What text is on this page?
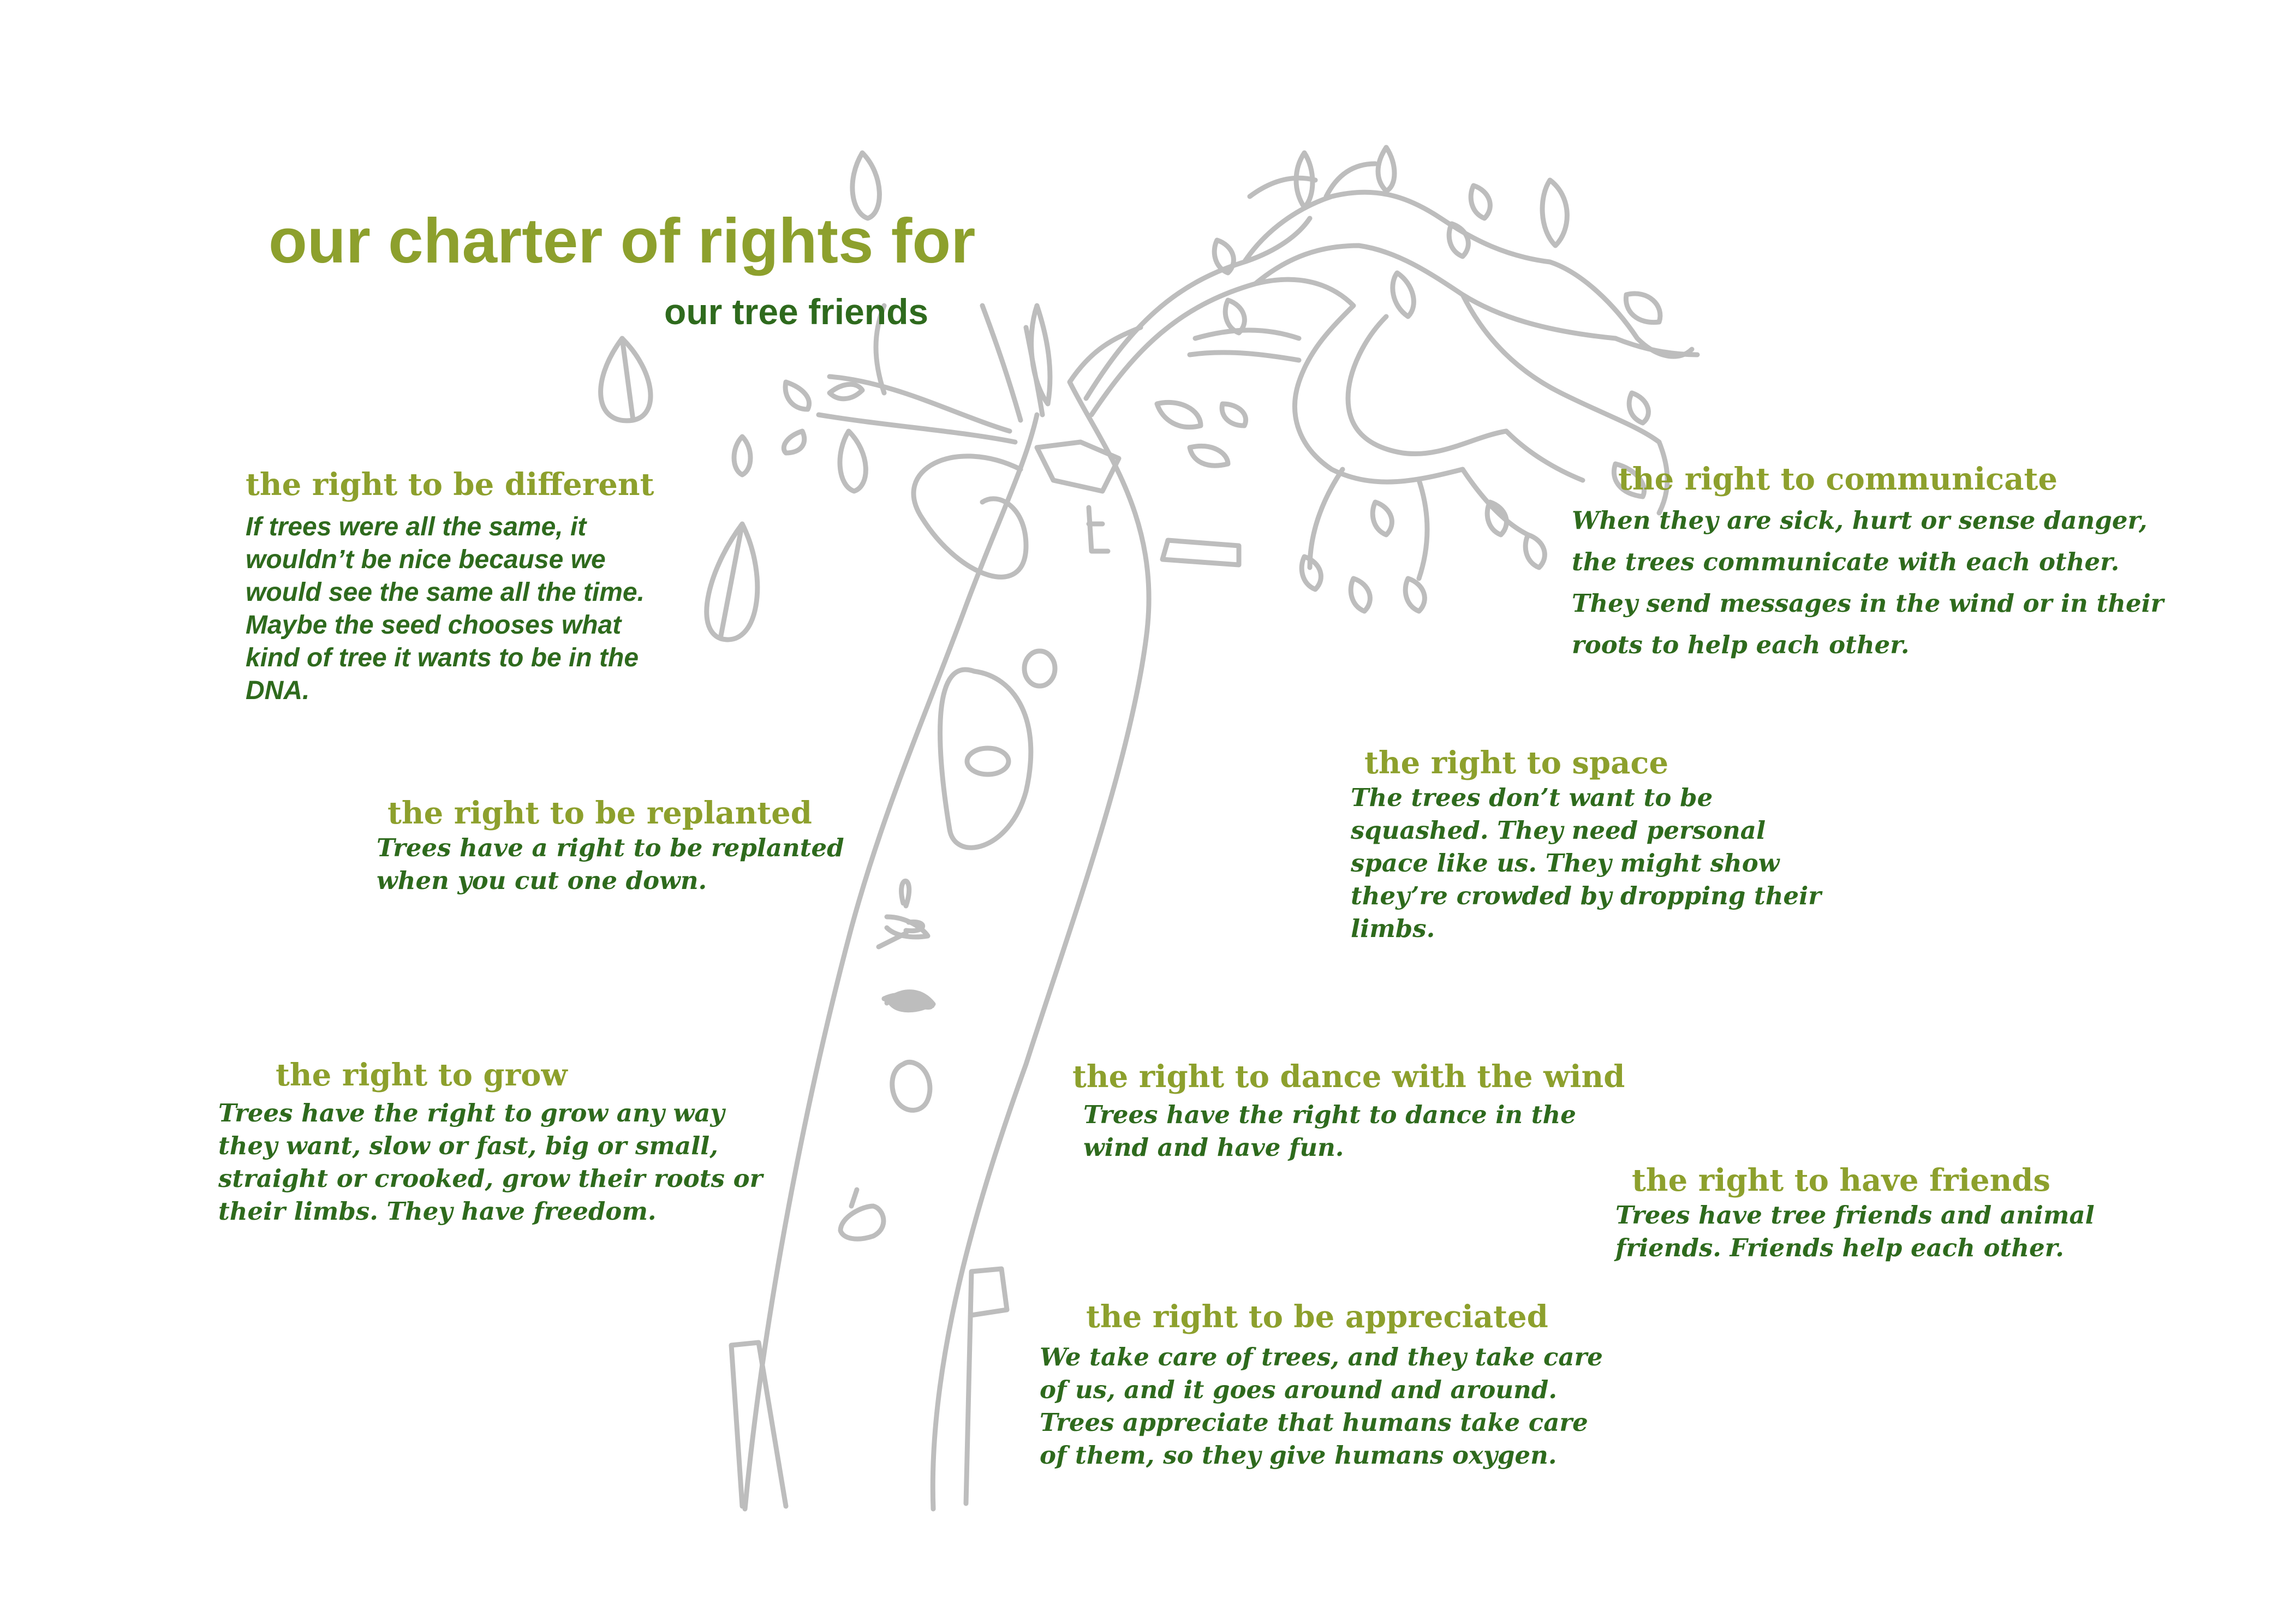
our charter of rights for
our tree friends
the right to be different

If trees were all the same, it
wouldn’t be nice because we
would see the same all the time.
Maybe the seed chooses what
kind of tree it wants to be in the
DNA.

the right to be replanted

Trees have a right to be replanted
when you cut one down.

the right to grow

Trees have the right to grow any way
they want, slow or fast, big or small,
straight or crooked, grow their roots or
their limbs. They have freedom.

the right to communicate

When they are sick, hurt or sense danger,
the trees communicate with each other.
They send messages in the wind or in their
roots to help each other.

the right to space

The trees don’t want to be
squashed. They need personal
space like us. They might show
they’re crowded by dropping their
limbs.

the right to dance with the wind

Trees have the right to dance in the
wind and have fun.

the right to have friends

Trees have tree friends and animal
friends. Friends help each other.

the right to be appreciated

We take care of trees, and they take care
of us, and it goes around and around.
Trees appreciate that humans take care
of them, so they give humans oxygen.
